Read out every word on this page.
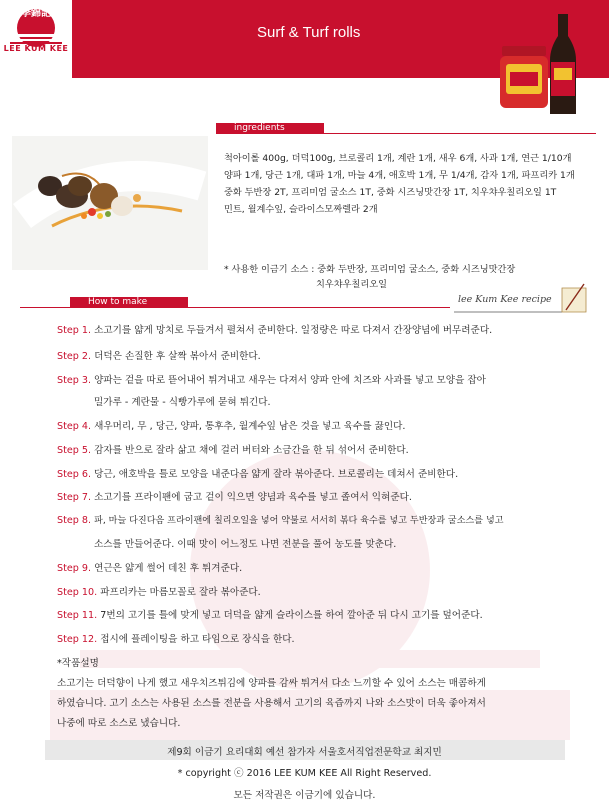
李錦記
LEE KUM KEE
Surf & Turf rolls
ingredients
척아이롤 400g, 더덕100g, 브로콜리 1개, 계란 1개, 새우 6개, 사과 1개, 연근 1/10개
양파 1개, 당근 1개, 대파 1개, 마늘 4개, 애호박 1개, 무 1/4개, 감자 1개, 파프리카 1개
중화 두반장 2T, 프리미엄 굴소스 1T, 중화 시즈닝맛간장 1T, 치우챠우칠리오일 1T
민트, 월계수잎, 슬라이스모짜렐라 2개
* 사용한 이금기 소스 : 중화 두반장, 프리미엄 굴소스, 중화 시즈닝맛간장
치우챠우칠리오일
How to make	lee Kum Kee recipe
Step 1. 소고기를 얇게 망치로 두들겨서 펼쳐서 준비한다. 일정량은 따로 다져서 간장양념에 버무려준다.
Step 2. 더덕은 손질한 후 살짝 볶아서 준비한다.
Step 3. 양파는 겉을 따로 뜯어내어 튀겨내고 새우는 다져서 양파 안에 치즈와 사과를 넣고 모양을 잡아
밀가루 - 계란물 - 식빵가루에 묻혀 튀긴다.
Step 4. 새우머리, 무 , 당근, 양파, 통후추, 월계수잎 남은 것을 넣고 육수를 끓인다.
Step 5. 감자를 반으로 잘라 삶고 채에 걸러 버터와 소금간을 한 뒤 섞어서 준비한다.
Step 6. 당근, 애호박을 틀로 모양을 내준다음 얇게 잘라 볶아준다. 브로콜리는 데쳐서 준비한다.
Step 7. 소고기를 프라이팬에 굽고 겉이 익으면 양념과 육수를 넣고 졸여서 익혀준다.
Step 8. 파, 마늘 다진다음 프라이팬에 칠리오일을 넣어 약불로 서서히 볶다 육수를 넣고 두반장과 굴소스를 넣고
소스를 만들어준다. 이때 맛이 어느정도 나면 전분을 풀어 농도를 맞춘다.
Step 9. 연근은 얇게 썰어 데친 후 튀겨준다.
Step 10. 파프리카는 마름모꼴로 잘라 볶아준다.
Step 11. 7번의 고기를 틀에 맞게 넣고 더덕을 얇게 슬라이스를 하여 깔아준 뒤 다시 고기를 덮어준다.
Step 12. 접시에 플레이팅을 하고 타임으로 장식을 한다.
*작품설명
소고기는 더덕향이 나게 했고 새우치즈튀김에 양파를 감싸 튀겨서 다소 느끼할 수 있어 소스는 매콤하게
하였습니다. 고기 소스는 사용된 소스를 전분을 사용해서 고기의 육즙까지 나와 소스맛이 더욱 좋아져서
나중에 따로 소스로 냈습니다.
제9회 이금기 요리대회 예선 참가자 서울호서직업전문학교 최지민
* copyright ⓒ 2016 LEE KUM KEE All Right Reserved.
모든 저작권은 이금기에 있습니다.
